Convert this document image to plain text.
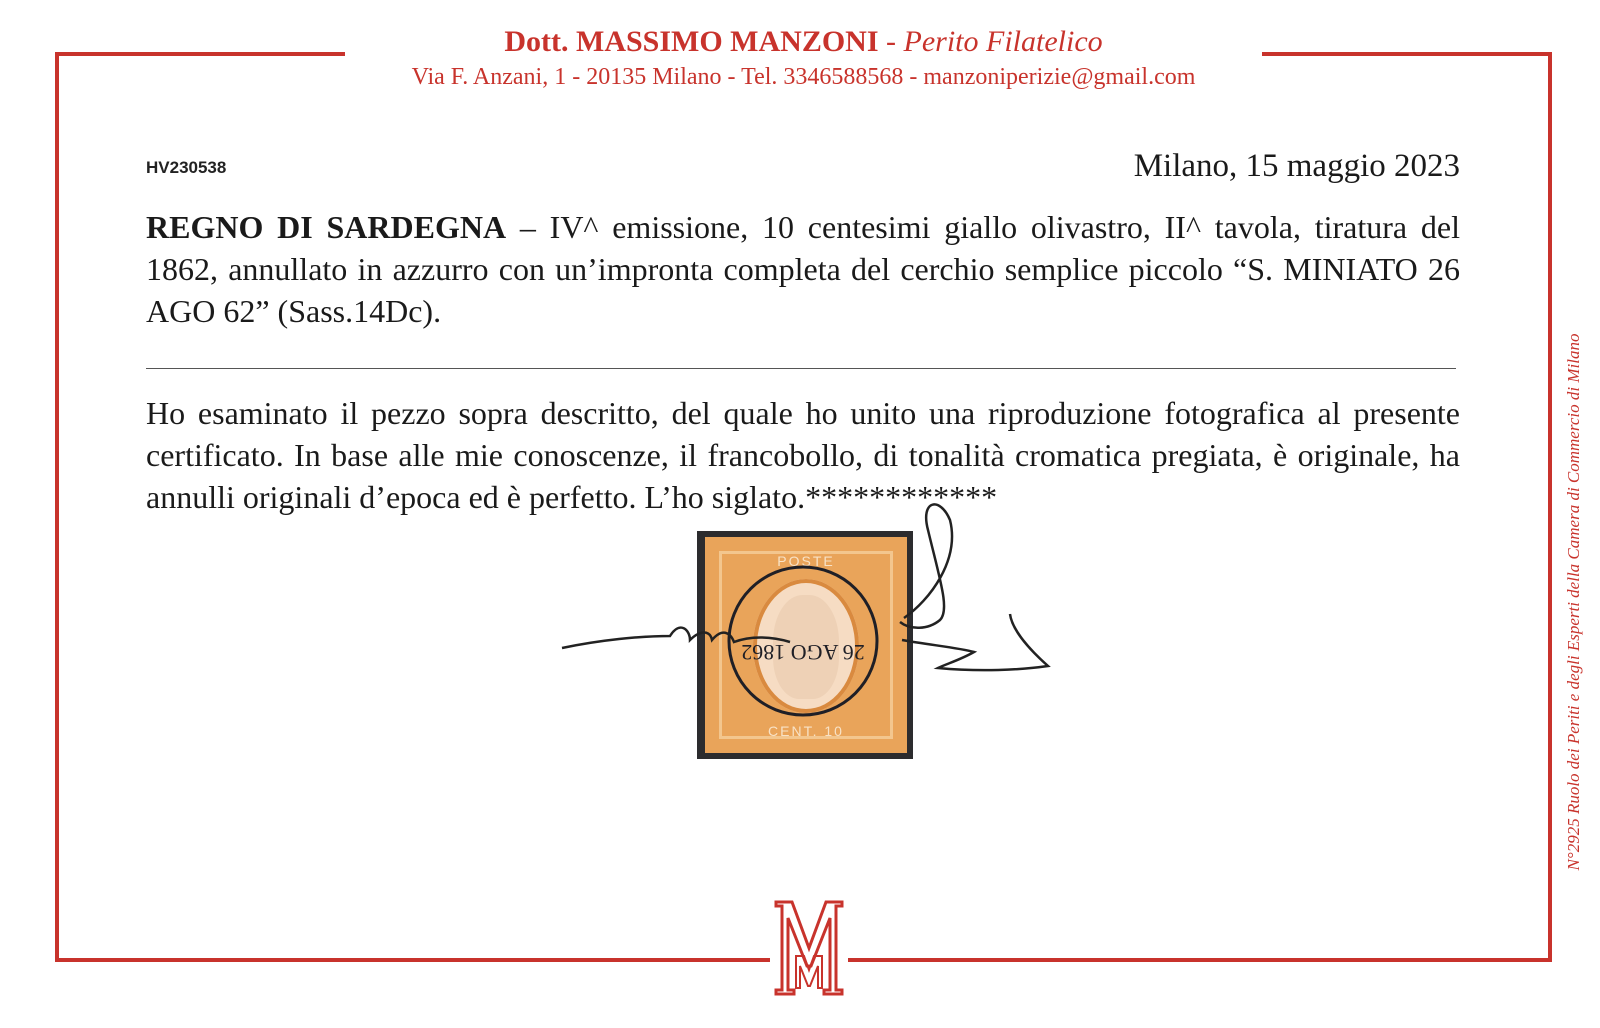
Dott. MASSIMO MANZONI - Perito Filatelico
Via F. Anzani, 1 - 20135 Milano - Tel. 3346588568 - manzoniperizie@gmail.com
HV230538	Milano, 15 maggio 2023
REGNO DI SARDEGNA – IV^ emissione, 10 centesimi giallo olivastro, II^ tavola, tiratura del 1862, annullato in azzurro con un’impronta completa del cerchio semplice piccolo “S. MINIATO 26 AGO 62” (Sass.14Dc).
Ho esaminato il pezzo sopra descritto, del quale ho unito una riproduzione fotografica al presente certificato. In base alle mie conoscenze, il francobollo, di tonalità cromatica pregiata, è originale, ha annulli originali d’epoca ed è perfetto. L’ho siglato.************
POSTE
CENT. 10
26 AGO 1862	N°2925 Ruolo dei Periti e degli Esperti della Camera di Commercio di Milano
